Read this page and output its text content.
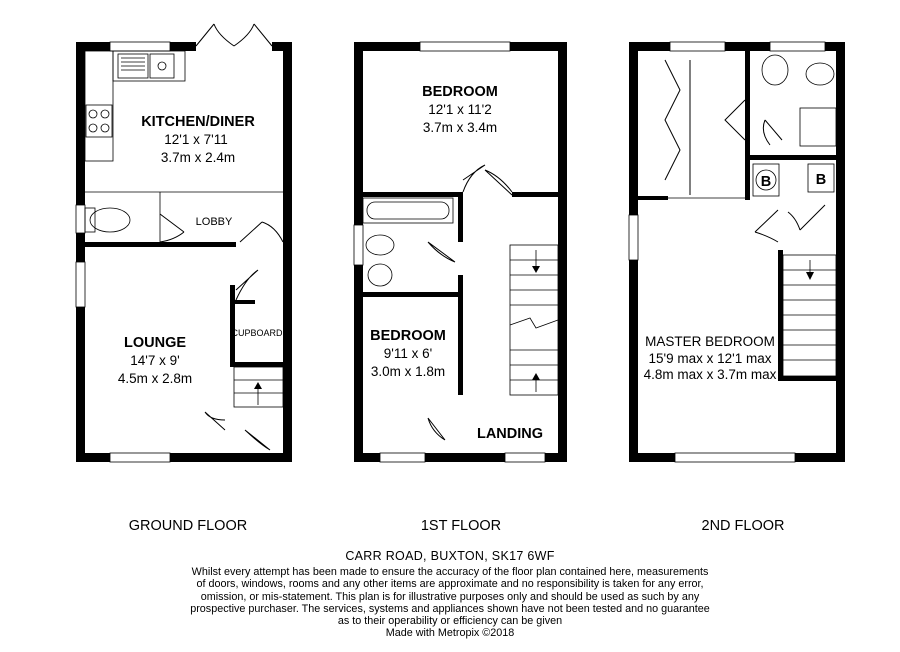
KITCHEN/DINER
12'1 x 7'11
3.7m x 2.4m
LOBBY
CUPBOARD
LOUNGE
14'7 x 9'
4.5m x 2.8m
GROUND FLOOR
BEDROOM
12'1 x 11'2
3.7m x 3.4m
BEDROOM
9'11 x 6'
3.0m x 1.8m
LANDING
1ST FLOOR
B	B
MASTER BEDROOM
15'9 max x 12'1 max
4.8m max x 3.7m max
2ND FLOOR
CARR ROAD, BUXTON, SK17 6WF
Whilst every attempt has been made to ensure the accuracy of the floor plan contained here, measurements
of doors, windows, rooms and any other items are approximate and no responsibility is taken for any error,
omission, or mis-statement. This plan is for illustrative purposes only and should be used as such by any
prospective purchaser. The services, systems and appliances shown have not been tested and no guarantee
as to their operability or efficiency can be given
Made with Metropix ©2018
